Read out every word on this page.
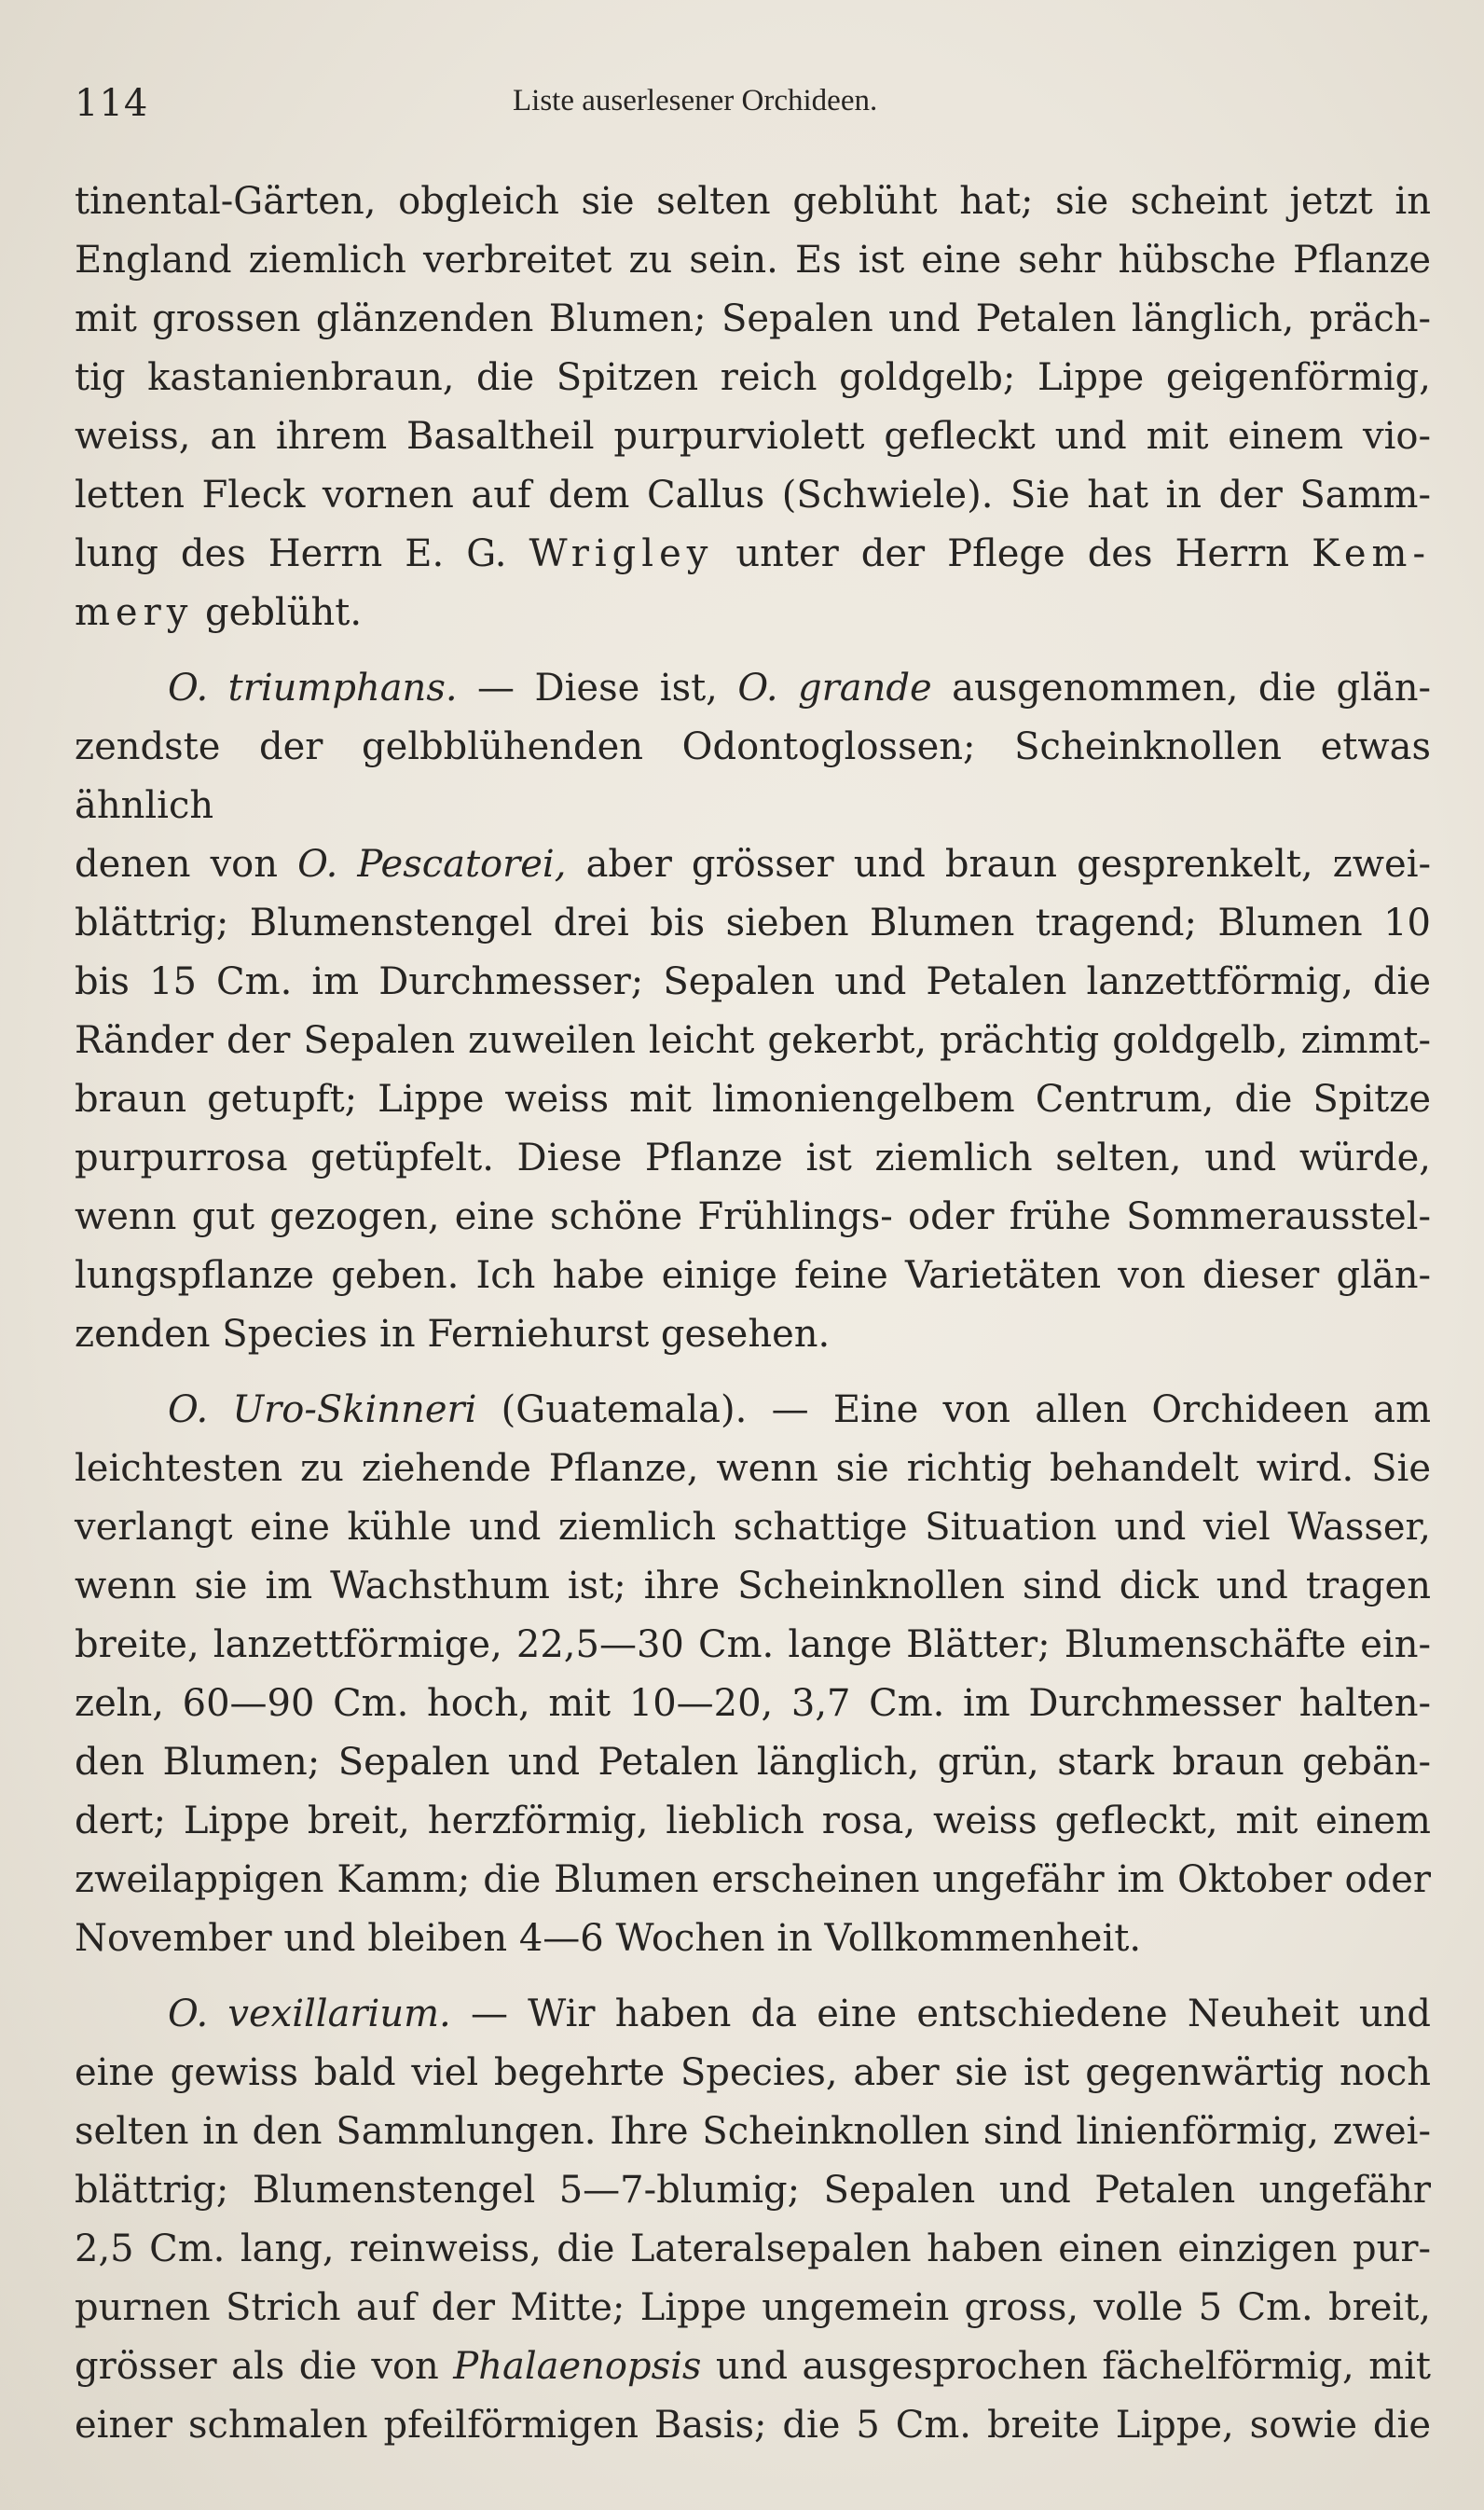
114	Liste auserlesener Orchideen.

tinental-Gärten, obgleich sie selten geblüht hat; sie scheint jetzt in
England ziemlich verbreitet zu sein. Es ist eine sehr hübsche Pflanze
mit grossen glänzenden Blumen; Sepalen und Petalen länglich, präch-
tig kastanienbraun, die Spitzen reich goldgelb; Lippe geigenförmig,
weiss, an ihrem Basaltheil purpurviolett gefleckt und mit einem vio-
letten Fleck vornen auf dem Callus (Schwiele). Sie hat in der Samm-
lung des Herrn E. G. Wrigley unter der Pflege des Herrn Kem-
mery geblüht.

O. triumphans. — Diese ist, O. grande ausgenommen, die glän-
zendste der gelbblühenden Odontoglossen; Scheinknollen etwas ähnlich
denen von O. Pescatorei, aber grösser und braun gesprenkelt, zwei-
blättrig; Blumenstengel drei bis sieben Blumen tragend; Blumen 10
bis 15 Cm. im Durchmesser; Sepalen und Petalen lanzettförmig, die
Ränder der Sepalen zuweilen leicht gekerbt, prächtig goldgelb, zimmt-
braun getupft; Lippe weiss mit limoniengelbem Centrum, die Spitze
purpurrosa getüpfelt. Diese Pflanze ist ziemlich selten, und würde,
wenn gut gezogen, eine schöne Frühlings- oder frühe Sommerausstel-
lungspflanze geben. Ich habe einige feine Varietäten von dieser glän-
zenden Species in Ferniehurst gesehen.

O. Uro-Skinneri (Guatemala). — Eine von allen Orchideen am
leichtesten zu ziehende Pflanze, wenn sie richtig behandelt wird. Sie
verlangt eine kühle und ziemlich schattige Situation und viel Wasser,
wenn sie im Wachsthum ist; ihre Scheinknollen sind dick und tragen
breite, lanzettförmige, 22,5—30 Cm. lange Blätter; Blumenschäfte ein-
zeln, 60—90 Cm. hoch, mit 10—20, 3,7 Cm. im Durchmesser halten-
den Blumen; Sepalen und Petalen länglich, grün, stark braun gebän-
dert; Lippe breit, herzförmig, lieblich rosa, weiss gefleckt, mit einem
zweilappigen Kamm; die Blumen erscheinen ungefähr im Oktober oder
November und bleiben 4—6 Wochen in Vollkommenheit.

O. vexillarium. — Wir haben da eine entschiedene Neuheit und
eine gewiss bald viel begehrte Species, aber sie ist gegenwärtig noch
selten in den Sammlungen. Ihre Scheinknollen sind linienförmig, zwei-
blättrig; Blumenstengel 5—7-blumig; Sepalen und Petalen ungefähr
2,5 Cm. lang, reinweiss, die Lateralsepalen haben einen einzigen pur-
purnen Strich auf der Mitte; Lippe ungemein gross, volle 5 Cm. breit,
grösser als die von Phalaenopsis und ausgesprochen fächelförmig, mit
einer schmalen pfeilförmigen Basis; die 5 Cm. breite Lippe, sowie die
